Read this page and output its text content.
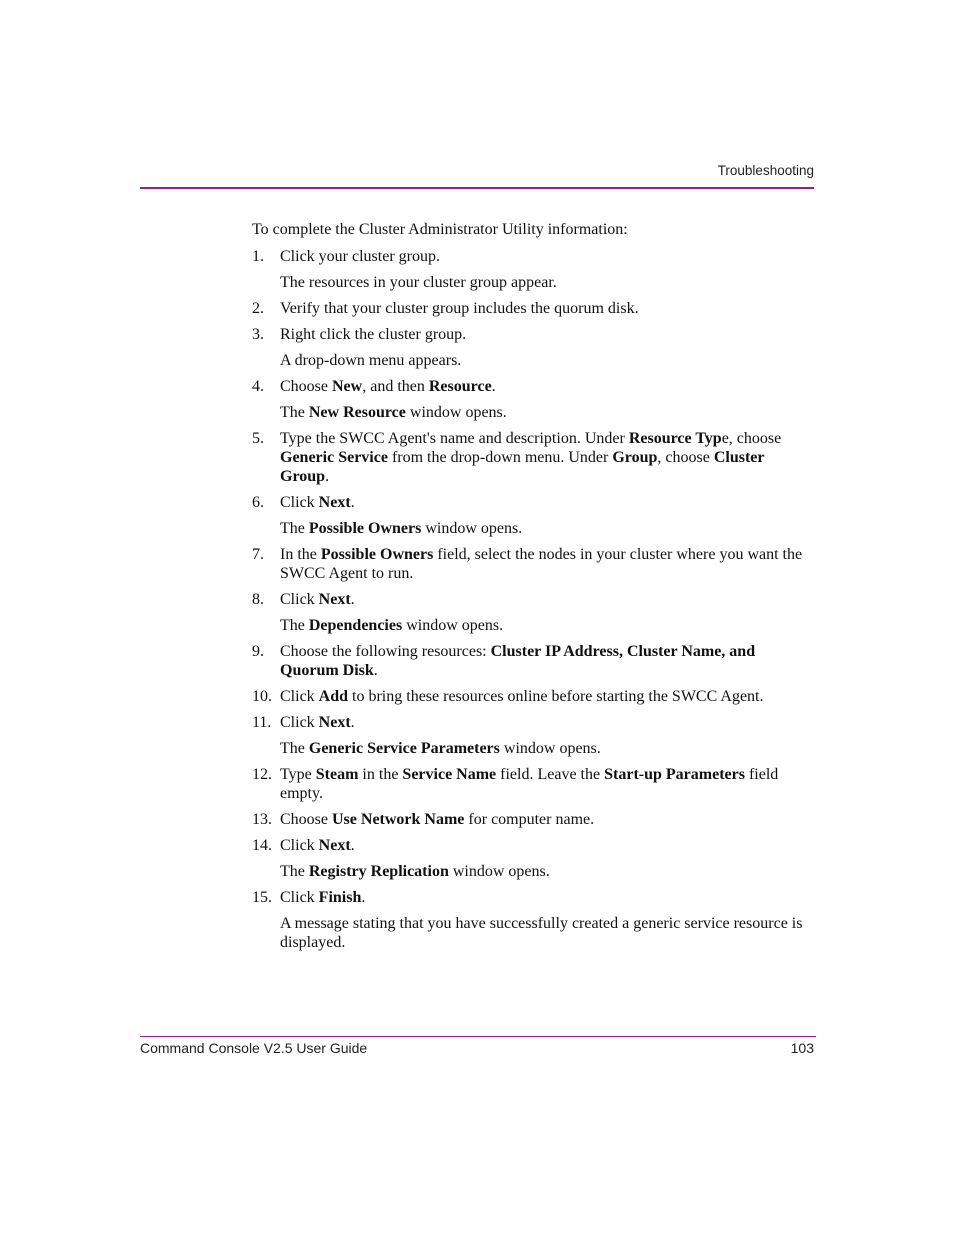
Troubleshooting

To complete the Cluster Administrator Utility information:

1.	Click your cluster group.
The resources in your cluster group appear.
2.	Verify that your cluster group includes the quorum disk.
3.	Right click the cluster group.
A drop-down menu appears.
4.	Choose New, and then Resource.
The New Resource window opens.
5.	Type the SWCC Agent's name and description. Under Resource Type, choose Generic Service from the drop-down menu. Under Group, choose Cluster Group.
6.	Click Next.
The Possible Owners window opens.
7.	In the Possible Owners field, select the nodes in your cluster where you want the SWCC Agent to run.
8.	Click Next.
The Dependencies window opens.
9.	Choose the following resources: Cluster IP Address, Cluster Name, and Quorum Disk.
10. Click Add to bring these resources online before starting the SWCC Agent.
11. Click Next.
The Generic Service Parameters window opens.
12. Type Steam in the Service Name field. Leave the Start-up Parameters field empty.
13. Choose Use Network Name for computer name.
14. Click Next.
The Registry Replication window opens.
15. Click Finish.
A message stating that you have successfully created a generic service resource is displayed.
Command Console V2.5 User Guide	103
